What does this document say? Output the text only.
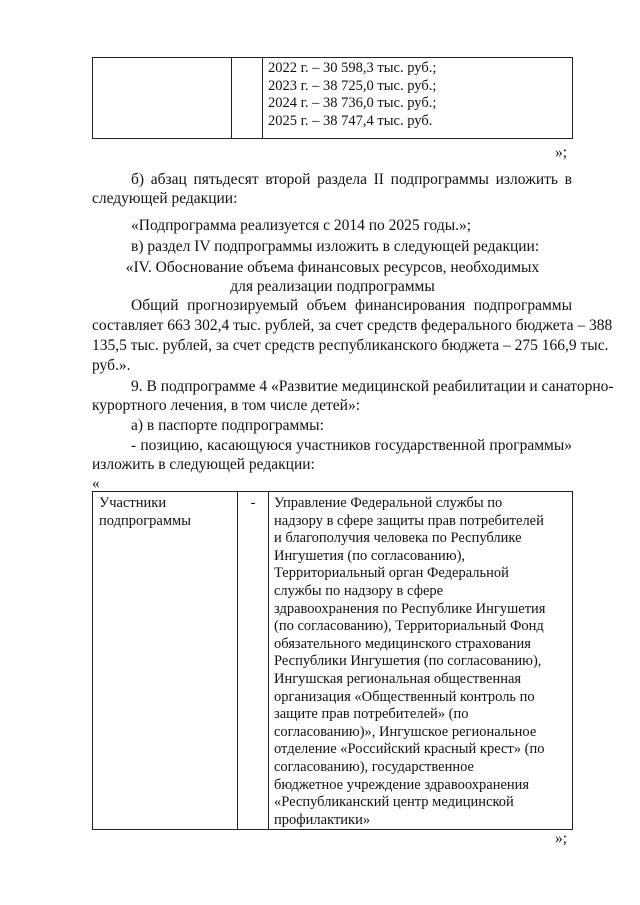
2022 г. – 30 598,3 тыс. руб.;
2023 г. – 38 725,0 тыс. руб.;
2024 г. – 38 736,0 тыс. руб.;
2025 г. – 38 747,4 тыс. руб.
»;
б) абзац пятьдесят второй раздела II подпрограммы изложить в
следующей редакции:
«Подпрограмма реализуется с 2014 по 2025 годы.»;
в) раздел IV подпрограммы изложить в следующей редакции:
«IV. Обоснование объема финансовых ресурсов, необходимых
для реализации подпрограммы
Общий прогнозируемый объем финансирования подпрограммы
составляет 663 302,4 тыс. рублей, за счет средств федерального бюджета – 388
135,5 тыс. рублей, за счет средств республиканского бюджета – 275 166,9 тыс.
руб.».
9. В подпрограмме 4 «Развитие медицинской реабилитации и санаторно-
курортного лечения, в том числе детей»:
а) в паспорте подпрограммы:
- позицию, касающуюся участников государственной программы»
изложить в следующей редакции:
«
Участники
подпрограммы

-	Управление Федеральной службы по
надзору в сфере защиты прав потребителей
и благополучия человека по Республике
Ингушетия (по согласованию),
Территориальный орган Федеральной
службы по надзору в сфере
здравоохранения по Республике Ингушетия
(по согласованию), Территориальный Фонд
обязательного медицинского страхования
Республики Ингушетия (по согласованию),
Ингушская региональная общественная
организация «Общественный контроль по
защите прав потребителей» (по
согласованию)», Ингушское региональное
отделение «Российский красный крест» (по
согласованию), государственное
бюджетное учреждение здравоохранения
«Республиканский центр медицинской
профилактики»
»;
